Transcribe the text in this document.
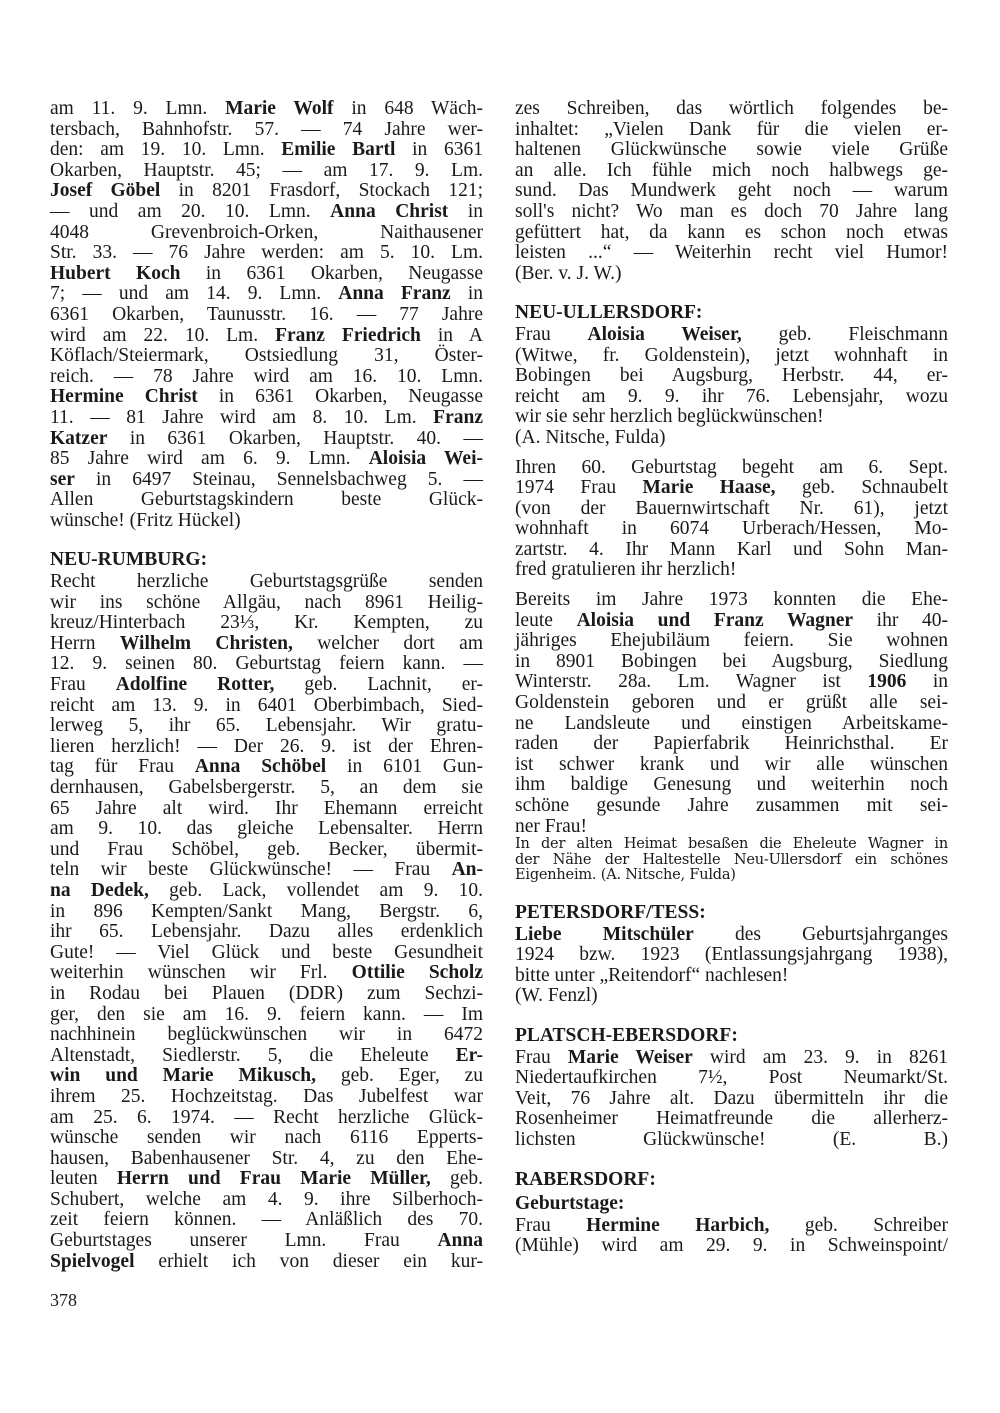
am 11. 9. Lmn. Marie Wolf in 648 Wäch-
tersbach, Bahnhofstr. 57. — 74 Jahre wer-
den: am 19. 10. Lmn. Emilie Bartl in 6361
Okarben, Hauptstr. 45; — am 17. 9. Lm.
Josef Göbel in 8201 Frasdorf, Stockach 121;
— und am 20. 10. Lmn. Anna Christ in
4048 Grevenbroich-Orken, Naithausener
Str. 33. — 76 Jahre werden: am 5. 10. Lm.
Hubert Koch in 6361 Okarben, Neugasse
7; — und am 14. 9. Lmn. Anna Franz in
6361 Okarben, Taunusstr. 16. — 77 Jahre
wird am 22. 10. Lm. Franz Friedrich in A
Köflach/Steiermark, Ostsiedlung 31, Öster-
reich. — 78 Jahre wird am 16. 10. Lmn.
Hermine Christ in 6361 Okarben, Neugasse
11. — 81 Jahre wird am 8. 10. Lm. Franz
Katzer in 6361 Okarben, Hauptstr. 40. —
85 Jahre wird am 6. 9. Lmn. Aloisia Wei-
ser in 6497 Steinau, Sennelsbachweg 5. —
Allen Geburtstagskindern beste Glück-
wünsche! (Fritz Hückel)
NEU-RUMBURG:
Recht herzliche Geburtstagsgrüße senden
wir ins schöne Allgäu, nach 8961 Heilig-
kreuz/Hinterbach 23⅓, Kr. Kempten, zu
Herrn Wilhelm Christen, welcher dort am
12. 9. seinen 80. Geburtstag feiern kann. —
Frau Adolfine Rotter, geb. Lachnit, er-
reicht am 13. 9. in 6401 Oberbimbach, Sied-
lerweg 5, ihr 65. Lebensjahr. Wir gratu-
lieren herzlich! — Der 26. 9. ist der Ehren-
tag für Frau Anna Schöbel in 6101 Gun-
dernhausen, Gabelsbergerstr. 5, an dem sie
65 Jahre alt wird. Ihr Ehemann erreicht
am 9. 10. das gleiche Lebensalter. Herrn
und Frau Schöbel, geb. Becker, übermit-
teln wir beste Glückwünsche! — Frau An-
na Dedek, geb. Lack, vollendet am 9. 10.
in 896 Kempten/Sankt Mang, Bergstr. 6,
ihr 65. Lebensjahr. Dazu alles erdenklich
Gute! — Viel Glück und beste Gesundheit
weiterhin wünschen wir Frl. Ottilie Scholz
in Rodau bei Plauen (DDR) zum Sechzi-
ger, den sie am 16. 9. feiern kann. — Im
nachhinein beglückwünschen wir in 6472
Altenstadt, Siedlerstr. 5, die Eheleute Er-
win und Marie Mikusch, geb. Eger, zu
ihrem 25. Hochzeitstag. Das Jubelfest war
am 25. 6. 1974. — Recht herzliche Glück-
wünsche senden wir nach 6116 Epperts-
hausen, Babenhausener Str. 4, zu den Ehe-
leuten Herrn und Frau Marie Müller, geb.
Schubert, welche am 4. 9. ihre Silberhoch-
zeit feiern können. — Anläßlich des 70.
Geburtstages unserer Lmn. Frau Anna
Spielvogel erhielt ich von dieser ein kur-
zes Schreiben, das wörtlich folgendes be-
inhaltet: „Vielen Dank für die vielen er-
haltenen Glückwünsche sowie viele Grüße
an alle. Ich fühle mich noch halbwegs ge-
sund. Das Mundwerk geht noch — warum
soll's nicht? Wo man es doch 70 Jahre lang
gefüttert hat, da kann es schon noch etwas
leisten ...“ — Weiterhin recht viel Humor!
(Ber. v. J. W.)
NEU-ULLERSDORF:
Frau Aloisia Weiser, geb. Fleischmann
(Witwe, fr. Goldenstein), jetzt wohnhaft in
Bobingen bei Augsburg, Herbstr. 44, er-
reicht am 9. 9. ihr 76. Lebensjahr, wozu
wir sie sehr herzlich beglückwünschen!
(A. Nitsche, Fulda)
Ihren 60. Geburtstag begeht am 6. Sept.
1974 Frau Marie Haase, geb. Schnaubelt
(von der Bauernwirtschaft Nr. 61), jetzt
wohnhaft in 6074 Urberach/Hessen, Mo-
zartstr. 4. Ihr Mann Karl und Sohn Man-
fred gratulieren ihr herzlich!
Bereits im Jahre 1973 konnten die Ehe-
leute Aloisia und Franz Wagner ihr 40-
jähriges Ehejubiläum feiern. Sie wohnen
in 8901 Bobingen bei Augsburg, Siedlung
Winterstr. 28a. Lm. Wagner ist 1906 in
Goldenstein geboren und er grüßt alle sei-
ne Landsleute und einstigen Arbeitskame-
raden der Papierfabrik Heinrichsthal. Er
ist schwer krank und wir alle wünschen
ihm baldige Genesung und weiterhin noch
schöne gesunde Jahre zusammen mit sei-
ner Frau!
In der alten Heimat besaßen die Eheleute Wagner in
der Nähe der Haltestelle Neu-Ullersdorf ein schönes
Eigenheim. (A. Nitsche, Fulda)
PETERSDORF/TESS:
Liebe Mitschüler des Geburtsjahrganges
1924 bzw. 1923 (Entlassungsjahrgang 1938),
bitte unter „Reitendorf“ nachlesen!
(W. Fenzl)
PLATSCH-EBERSDORF:
Frau Marie Weiser wird am 23. 9. in 8261
Niedertaufkirchen 7½, Post Neumarkt/St.
Veit, 76 Jahre alt. Dazu übermitteln ihr die
Rosenheimer Heimatfreunde die allerherz-
lichsten Glückwünsche! (E. B.)
RABERSDORF:
Geburtstage:
Frau Hermine Harbich, geb. Schreiber
(Mühle) wird am 29. 9. in Schweinspoint/
378
